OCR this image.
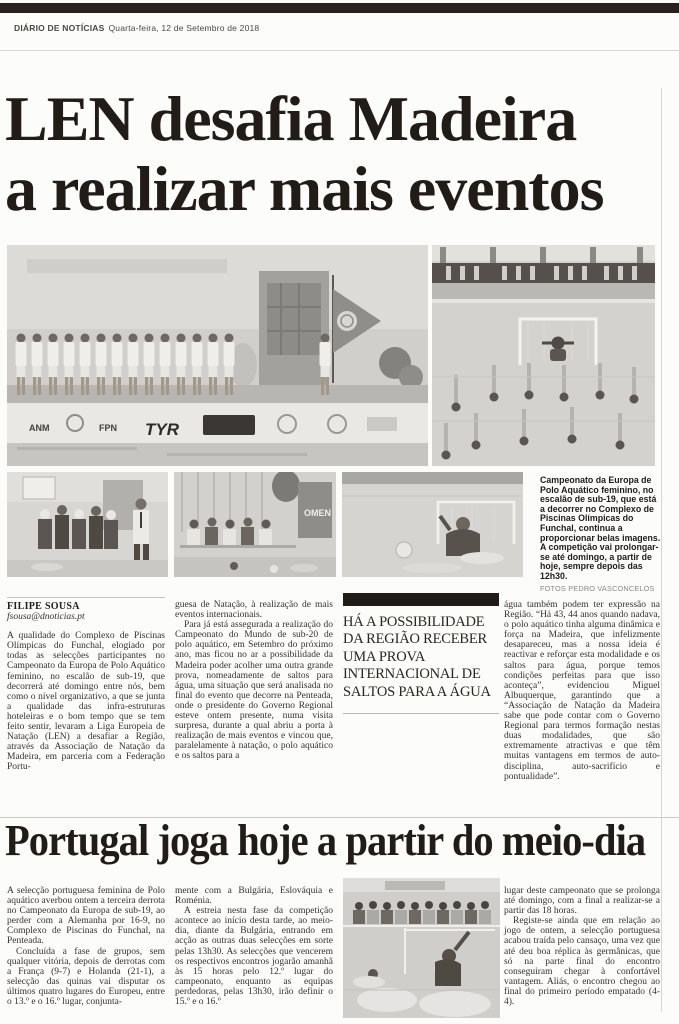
DIÁRIO DE NOTÍCIAS Quarta-feira, 12 de Setembro de 2018
LEN desafia Madeira
a realizar mais eventos
ANM	FPN TYR
OMEN
Campeonato da Europa de Polo Aquático feminino, no escalão de sub-19, que está a decorrer no Complexo de Piscinas Olímpicas do Funchal, continua a proporcionar belas imagens. A competição vai prolongar-se até domingo, a partir de hoje, sempre depois das 12h30.
FOTOS PEDRO VASCONCELOS
FILIPE SOUSA
fsousa@dnoticias.pt

A qualidade do Complexo de Piscinas Olímpicas do Funchal, elogiado por todas as selecções participantes no Campeonato da Europa de Polo Aquático feminino, no escalão de sub-19, que decorrerá até domingo entre nós, bem como o nível organizativo, a que se junta a qualidade das infra-estruturas hoteleiras e o bom tempo que se tem feito sentir, levaram a Liga Europeia de Natação (LEN) a desafiar a Região, através da Associação de Natação da Madeira, em parceria com a Federação Portu-

guesa de Natação, à realização de mais eventos internacionais.

Para já está assegurada a realização do Campeonato do Mundo de sub-20 de polo aquático, em Setembro do próximo ano, mas ficou no ar a possibilidade da Madeira poder acolher uma outra grande prova, nomeadamente de saltos para água, uma situação que será analisada no final do evento que decorre na Penteada, onde o presidente do Governo Regional esteve ontem presente, numa visita surpresa, durante a qual abriu a porta à realização de mais eventos e vincou que, paralelamente à natação, o polo aquático e os saltos para a

HÁ A POSSIBILIDADE DA REGIÃO RECEBER UMA PROVA INTERNACIONAL DE SALTOS PARA A ÁGUA

água também podem ter expressão na Região. “Há 43, 44 anos quando nadava, o polo aquático tinha alguma dinâmica e força na Madeira, que infelizmente desapareceu, mas a nossa ideia é reactivar e reforçar esta modalidade e os saltos para água, porque temos condições perfeitas para que isso aconteça”, evidenciou Miguel Albuquerque, garantindo que a “Associação de Natação da Madeira sabe que pode contar com o Governo Regional para termos formação nestas duas modalidades, que são extremamente atractivas e que têm muitas vantagens em termos de auto-disciplina, auto-sacrifício e pontualidade”.

Portugal joga hoje a partir do meio-dia

A selecção portuguesa feminina de Polo aquático averbou ontem a terceira derrota no Campeonato da Europa de sub-19, ao perder com a Alemanha por 16-9, no Complexo de Piscinas do Funchal, na Penteada.

Concluída a fase de grupos, sem qualquer vitória, depois de derrotas com a França (9-7) e Holanda (21-1), a selecção das quinas vai disputar os últimos quatro lugares do Europeu, entre o 13.º e o 16.º lugar, conjunta-

mente com a Bulgária, Eslováquia e Roménia.

A estreia nesta fase da competição acontece ao início desta tarde, ao meio-dia, diante da Bulgária, entrando em acção as outras duas selecções em sorte pelas 13h30. As selecções que vencerem os respectivos encontros jogarão amanhã às 15 horas pelo 12.º lugar do campeonato, enquanto as equipas perdedoras, pelas 13h30, irão definir o 15.º e o 16.º

lugar deste campeonato que se prolonga até domingo, com a final a realizar-se a partir das 18 horas.

Registe-se ainda que em relação ao jogo de ontem, a selecção portuguesa acabou traída pelo cansaço, uma vez que até deu boa réplica às germânicas, que só na parte final do encontro conseguiram chegar à confortável vantagem. Aliás, o encontro chegou ao final do primeiro período empatado (4-4).
